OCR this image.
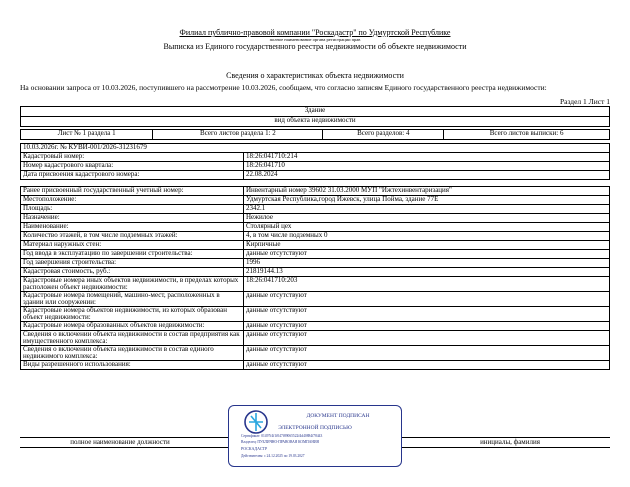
Филиал публично-правовой компании "Роскадастр" по Удмуртской Республике
полное наименование органа регистрации прав
Выписка из Единого государственного реестра недвижимости об объекте недвижимости
Сведения о характеристиках объекта недвижимости
На основании запроса от 10.03.2026, поступившего на рассмотрение 10.03.2026, сообщаем, что согласно записям Единого государственного реестра недвижимости:
Раздел 1 Лист 1
Здание
вид объекта недвижимости
Лист № 1 раздела 1	Всего листов раздела 1: 2	Всего разделов: 4	Всего листов выписки: 6
10.03.2026г. № КУВИ-001/2026-31231679	
Кадастровый номер:	18:26:041710:214
Номер кадастрового квартала:	18:26:041710
Дата присвоения кадастрового номера:	22.08.2024
Ранее присвоенный государственный учетный номер:	Инвентарный номер 39602 31.03.2000 МУП "Ижтехинвентаризация"
Местоположение:	Удмуртская Республика,город Ижевск, улица Пойма, здание 77Е
Площадь:	2342.1
Назначение:	Нежилое
Наименование:	Столярный цех
Количество этажей, в том числе подземных этажей:	4, в том числе подземных 0
Материал наружных стен:	Кирпичные
Год ввода в эксплуатацию по завершении строительства:	данные отсутствуют
Год завершения строительства:	1996
Кадастровая стоимость, руб.:	21819144.13
Кадастровые номера иных объектов недвижимости, в пределах которых расположен объект недвижимости:	18:26:041710:203
Кадастровые номера помещений, машино-мест, расположенных в здании или сооружении:	данные отсутствуют
Кадастровые номера объектов недвижимости, из которых образован объект недвижимости:	данные отсутствуют
Кадастровые номера образованных объектов недвижимости:	данные отсутствуют
Сведения о включении объекта недвижимости в состав предприятия как имущественного комплекса:	данные отсутствуют
Сведения о включении объекта недвижимости в состав единого недвижимого комплекса:	данные отсутствуют
Виды разрешенного использования:	данные отсутствуют
полное наименование должности	инициалы, фамилия
ДОКУМЕНТ ПОДПИСАН
ЭЛЕКТРОННОЙ ПОДПИСЬЮ
Сертификат: 01497f4f1f047f89065522f4d40884f78443
Владелец: ПУБЛИЧНО-ПРАВОВАЯ КОМПАНИЯ
РОСКАДАСТР
Действителен: с 24.12.2025 по 19.03.2027
